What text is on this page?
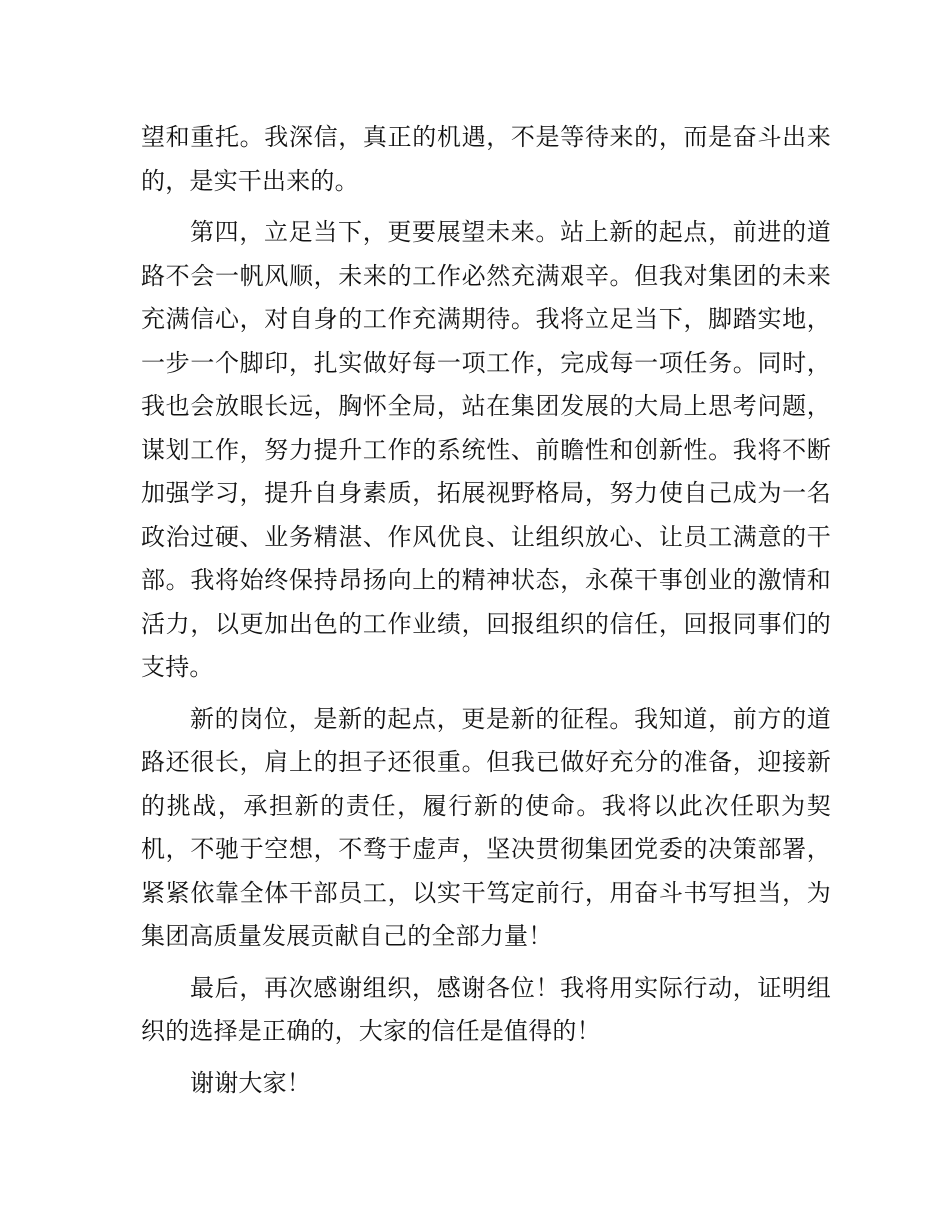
望和重托。我深信，真正的机遇，不是等待来的，而是奋斗出来的，是实干出来的。

第四，立足当下，更要展望未来。站上新的起点，前进的道路不会一帆风顺，未来的工作必然充满艰辛。但我对集团的未来充满信心，对自身的工作充满期待。我将立足当下，脚踏实地，一步一个脚印，扎实做好每一项工作，完成每一项任务。同时，我也会放眼长远，胸怀全局，站在集团发展的大局上思考问题，谋划工作，努力提升工作的系统性、前瞻性和创新性。我将不断加强学习，提升自身素质，拓展视野格局，努力使自己成为一名政治过硬、业务精湛、作风优良、让组织放心、让员工满意的干部。我将始终保持昂扬向上的精神状态，永葆干事创业的激情和活力，以更加出色的工作业绩，回报组织的信任，回报同事们的支持。

新的岗位，是新的起点，更是新的征程。我知道，前方的道路还很长，肩上的担子还很重。但我已做好充分的准备，迎接新的挑战，承担新的责任，履行新的使命。我将以此次任职为契机，不驰于空想，不骛于虚声，坚决贯彻集团党委的决策部署，紧紧依靠全体干部员工，以实干笃定前行，用奋斗书写担当，为集团高质量发展贡献自己的全部力量！

最后，再次感谢组织，感谢各位！我将用实际行动，证明组织的选择是正确的，大家的信任是值得的！

谢谢大家！
